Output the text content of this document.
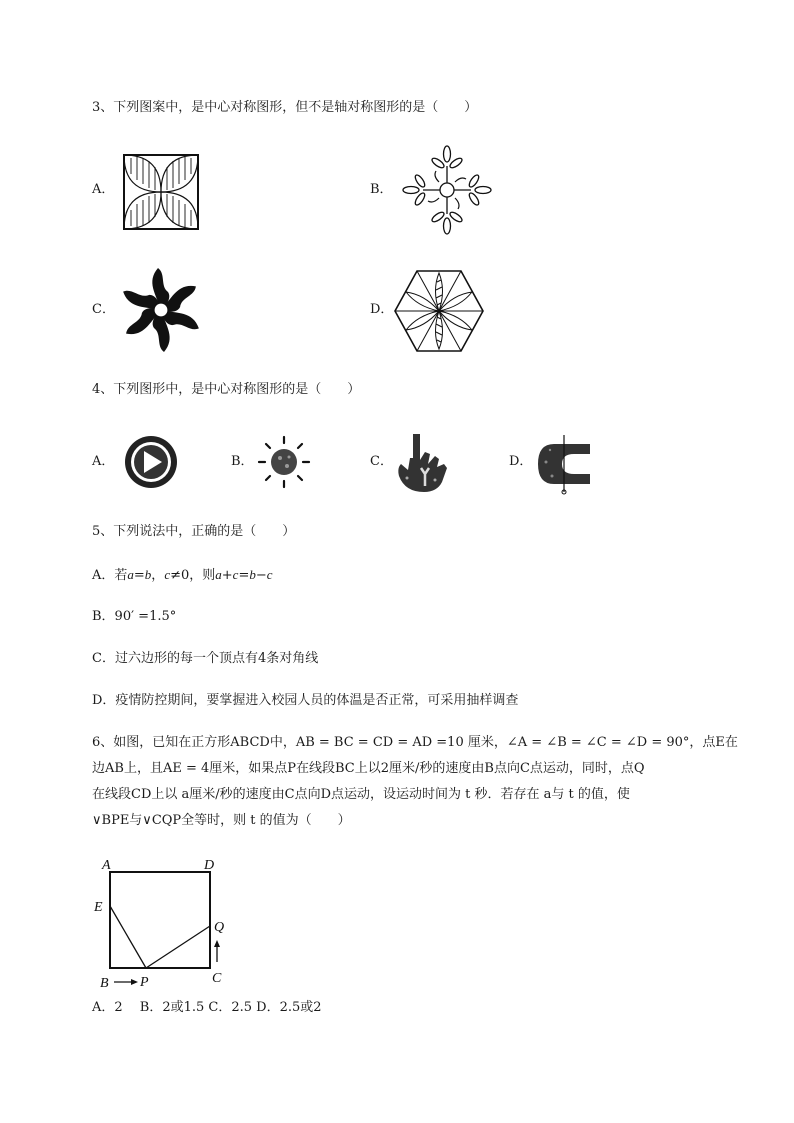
3、下列图案中，是中心对称图形，但不是轴对称图形的是（　　）
A．	B．
C．	D．
4、下列图形中，是中心对称图形的是（　　）
A．	B．	C．	D．
5、下列说法中，正确的是（　　）
A．若a=b，c≠0，则a+c=b−c
B．90′ =1.5°
C．过六边形的每一个顶点有4条对角线
D．疫情防控期间，要掌握进入校园人员的体温是否正常，可采用抽样调查
6、如图，已知在正方形ABCD中，AB = BC = CD = AD =10 厘米，∠A = ∠B = ∠C = ∠D = 90°，点E在
边AB上，且AE = 4厘米，如果点P在线段BC上以2厘米/秒的速度由B点向C点运动，同时，点Q
在线段CD上以 a厘米/秒的速度由C点向D点运动，设运动时间为 t 秒．若存在 a与 t 的值，使
∨BPE与∨CQP全等时，则 t 的值为（　　）
A	D
E
Q
B P	C
A．2　 B．2或1.5 C．2.5 D．2.5或2
